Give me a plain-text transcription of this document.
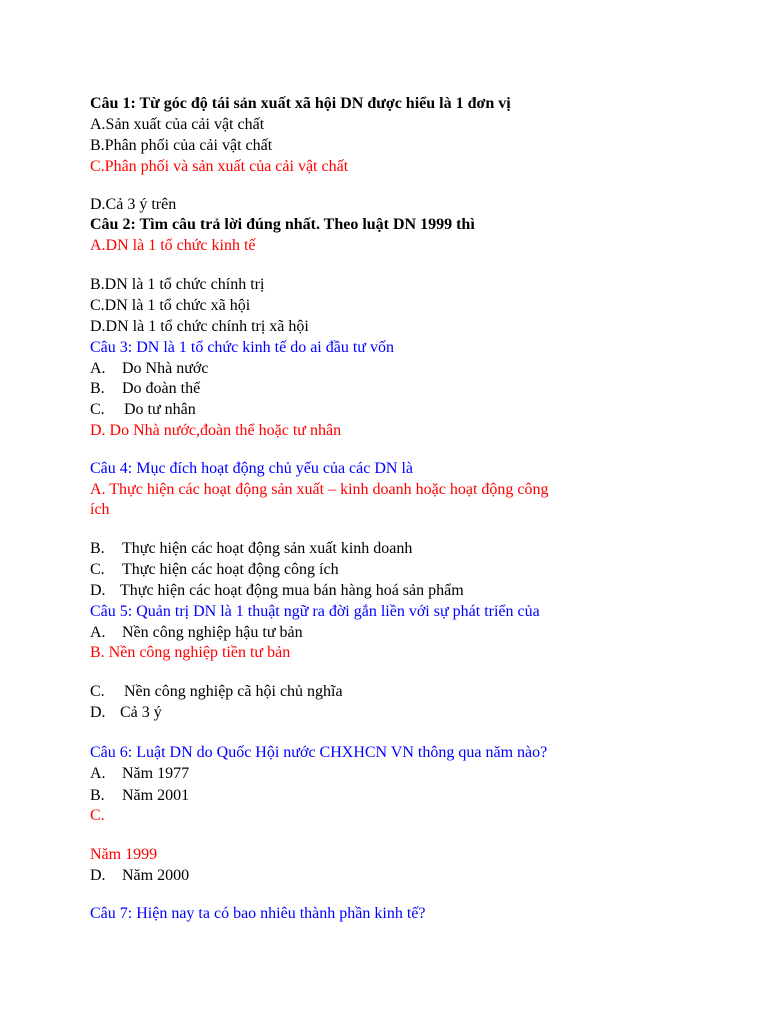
Câu 1: Từ góc độ tái sản xuất xã hội DN được hiểu là 1 đơn vị
A.Sản xuất của cải vật chất
B.Phân phối của cải vật chất
C.Phân phối và sản xuất của cải vật chất
D.Cả 3 ý trên
Câu 2: Tìm câu trả lời đúng nhất. Theo luật DN 1999 thì
A.DN là 1 tổ chức kinh tế
B.DN là 1 tổ chức chính trị
C.DN là 1 tổ chức xã hội
D.DN là 1 tổ chức chính trị xã hội
Câu 3: DN là 1 tổ chức kinh tế do ai đầu tư vốn
A. Do Nhà nước
B. Do đoàn thể
C. Do tư nhân
D. Do Nhà nước,đoàn thể hoặc tư nhân
Câu 4: Mục đích hoạt động chủ yếu của các DN là
A. Thực hiện các hoạt động sản xuất – kinh doanh hoặc hoạt động công
ích
B. Thực hiện các hoạt động sản xuất kinh doanh
C. Thực hiện các hoạt động công ích
D. Thực hiện các hoạt động mua bán hàng hoá sản phẩm
Câu 5: Quản trị DN là 1 thuật ngữ ra đời gắn liền với sự phát triển của
A. Nền công nghiệp hậu tư bản
B. Nền công nghiệp tiền tư bản
C. Nền công nghiệp cã hội chủ nghĩa
D. Cả 3 ý
Câu 6: Luật DN do Quốc Hội nước CHXHCN VN thông qua năm nào?
A. Năm 1977
B. Năm 2001
C.
Năm 1999
D. Năm 2000
Câu 7: Hiện nay ta có bao nhiêu thành phần kinh tế?
